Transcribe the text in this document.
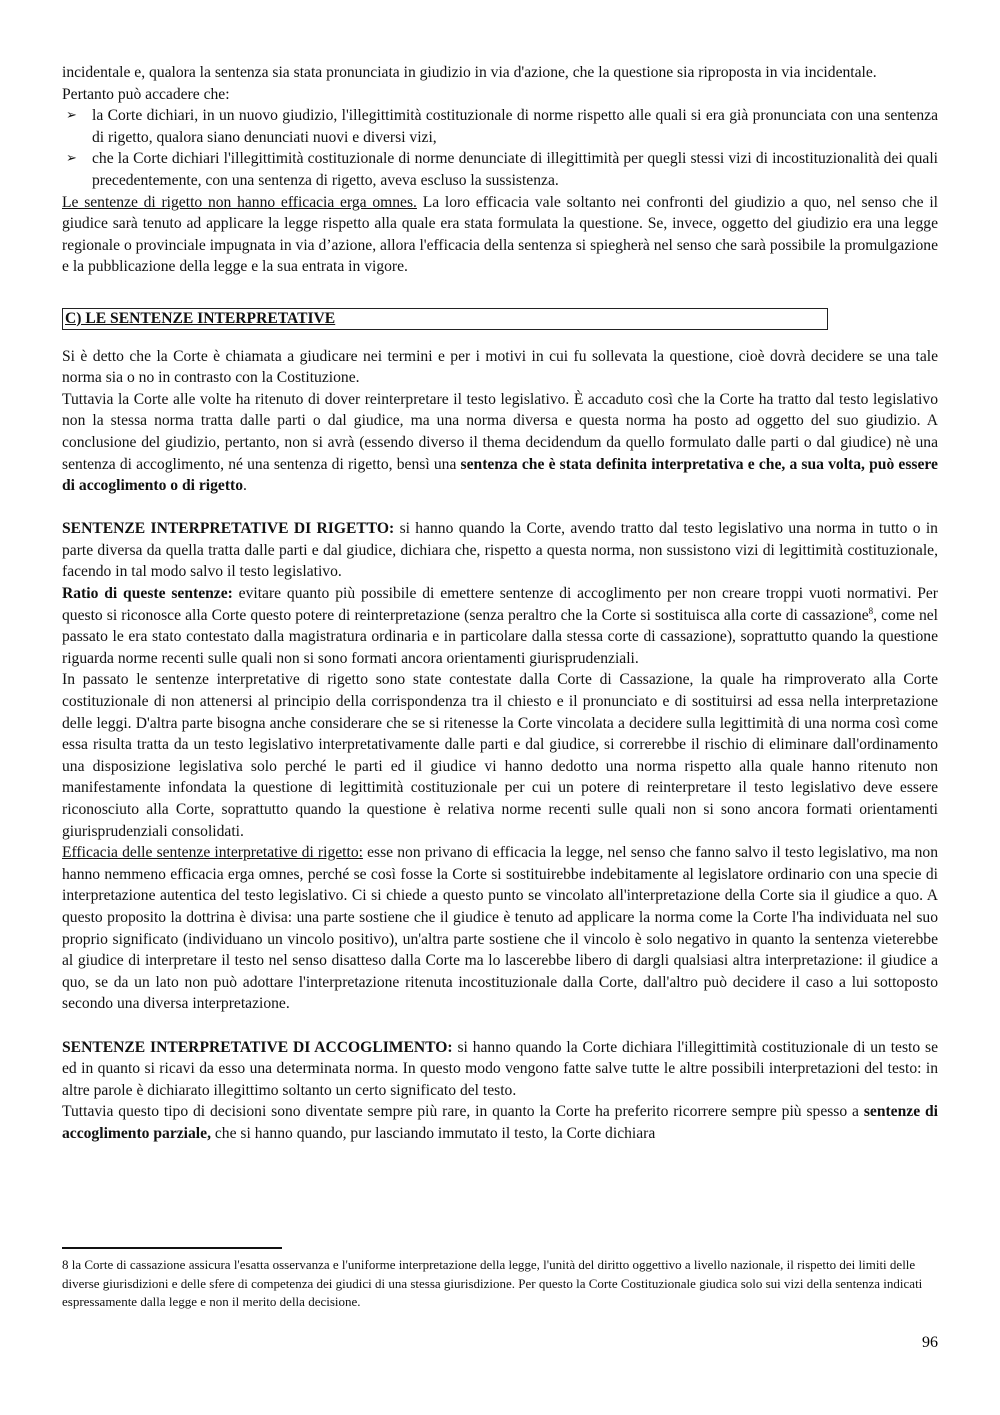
incidentale e, qualora la sentenza sia stata pronunciata in giudizio in via d'azione, che la questione sia riproposta in via incidentale.

Pertanto può accadere che:

➢ la Corte dichiari, in un nuovo giudizio, l'illegittimità costituzionale di norme rispetto alle quali si era già pronunciata con una sentenza di rigetto, qualora siano denunciati nuovi e diversi vizi,
➢ che la Corte dichiari l'illegittimità costituzionale di norme denunciate di illegittimità per quegli stessi vizi di incostituzionalità dei quali precedentemente, con una sentenza di rigetto, aveva escluso la sussistenza.

Le sentenze di rigetto non hanno efficacia erga omnes. La loro efficacia vale soltanto nei confronti del giudizio a quo, nel senso che il giudice sarà tenuto ad applicare la legge rispetto alla quale era stata formulata la questione. Se, invece, oggetto del giudizio era una legge regionale o provinciale impugnata in via d’azione, allora l'efficacia della sentenza si spiegherà nel senso che sarà possibile la promulgazione e la pubblicazione della legge e la sua entrata in vigore.

C) LE SENTENZE INTERPRETATIVE

Si è detto che la Corte è chiamata a giudicare nei termini e per i motivi in cui fu sollevata la questione, cioè dovrà decidere se una tale norma sia o no in contrasto con la Costituzione.

Tuttavia la Corte alle volte ha ritenuto di dover reinterpretare il testo legislativo. È accaduto così che la Corte ha tratto dal testo legislativo non la stessa norma tratta dalle parti o dal giudice, ma una norma diversa e questa norma ha posto ad oggetto del suo giudizio. A conclusione del giudizio, pertanto, non si avrà (essendo diverso il thema decidendum da quello formulato dalle parti o dal giudice) nè una sentenza di accoglimento, né una sentenza di rigetto, bensì una sentenza che è stata definita interpretativa e che, a sua volta, può essere di accoglimento o di rigetto.

SENTENZE INTERPRETATIVE DI RIGETTO: si hanno quando la Corte, avendo tratto dal testo legislativo una norma in tutto o in parte diversa da quella tratta dalle parti e dal giudice, dichiara che, rispetto a questa norma, non sussistono vizi di legittimità costituzionale, facendo in tal modo salvo il testo legislativo.

Ratio di queste sentenze: evitare quanto più possibile di emettere sentenze di accoglimento per non creare troppi vuoti normativi. Per questo si riconosce alla Corte questo potere di reinterpretazione (senza peraltro che la Corte si sostituisca alla corte di cassazione$^8$, come nel passato le era stato contestato dalla magistratura ordinaria e in particolare dalla stessa corte di cassazione), soprattutto quando la questione riguarda norme recenti sulle quali non si sono formati ancora orientamenti giurisprudenziali.

In passato le sentenze interpretative di rigetto sono state contestate dalla Corte di Cassazione, la quale ha rimproverato alla Corte costituzionale di non attenersi al principio della corrispondenza tra il chiesto e il pronunciato e di sostituirsi ad essa nella interpretazione delle leggi. D'altra parte bisogna anche considerare che se si ritenesse la Corte vincolata a decidere sulla legittimità di una norma così come essa risulta tratta da un testo legislativo interpretativamente dalle parti e dal giudice, si correrebbe il rischio di eliminare dall'ordinamento una disposizione legislativa solo perché le parti ed il giudice vi hanno dedotto una norma rispetto alla quale hanno ritenuto non manifestamente infondata la questione di legittimità costituzionale per cui un potere di reinterpretare il testo legislativo deve essere riconosciuto alla Corte, soprattutto quando la questione è relativa norme recenti sulle quali non si sono ancora formati orientamenti giurisprudenziali consolidati.

Efficacia delle sentenze interpretative di rigetto: esse non privano di efficacia la legge, nel senso che fanno salvo il testo legislativo, ma non hanno nemmeno efficacia erga omnes, perché se così fosse la Corte si sostituirebbe indebitamente al legislatore ordinario con una specie di interpretazione autentica del testo legislativo. Ci si chiede a questo punto se vincolato all'interpretazione della Corte sia il giudice a quo. A questo proposito la dottrina è divisa: una parte sostiene che il giudice è tenuto ad applicare la norma come la Corte l'ha individuata nel suo proprio significato (individuano un vincolo positivo), un'altra parte sostiene che il vincolo è solo negativo in quanto la sentenza vieterebbe al giudice di interpretare il testo nel senso disatteso dalla Corte ma lo lascerebbe libero di dargli qualsiasi altra interpretazione: il giudice a quo, se da un lato non può adottare l'interpretazione ritenuta incostituzionale dalla Corte, dall'altro può decidere il caso a lui sottoposto secondo una diversa interpretazione.

SENTENZE INTERPRETATIVE DI ACCOGLIMENTO: si hanno quando la Corte dichiara l'illegittimità costituzionale di un testo se ed in quanto si ricavi da esso una determinata norma. In questo modo vengono fatte salve tutte le altre possibili interpretazioni del testo: in altre parole è dichiarato illegittimo soltanto un certo significato del testo.

Tuttavia questo tipo di decisioni sono diventate sempre più rare, in quanto la Corte ha preferito ricorrere sempre più spesso a sentenze di accoglimento parziale, che si hanno quando, pur lasciando immutato il testo, la Corte dichiara

8 la Corte di cassazione assicura l'esatta osservanza e l'uniforme interpretazione della legge, l'unità del diritto oggettivo a livello nazionale, il rispetto dei limiti delle diverse giurisdizioni e delle sfere di competenza dei giudici di una stessa giurisdizione. Per questo la Corte Costituzionale giudica solo sui vizi della sentenza indicati espressamente dalla legge e non il merito della decisione.
96
